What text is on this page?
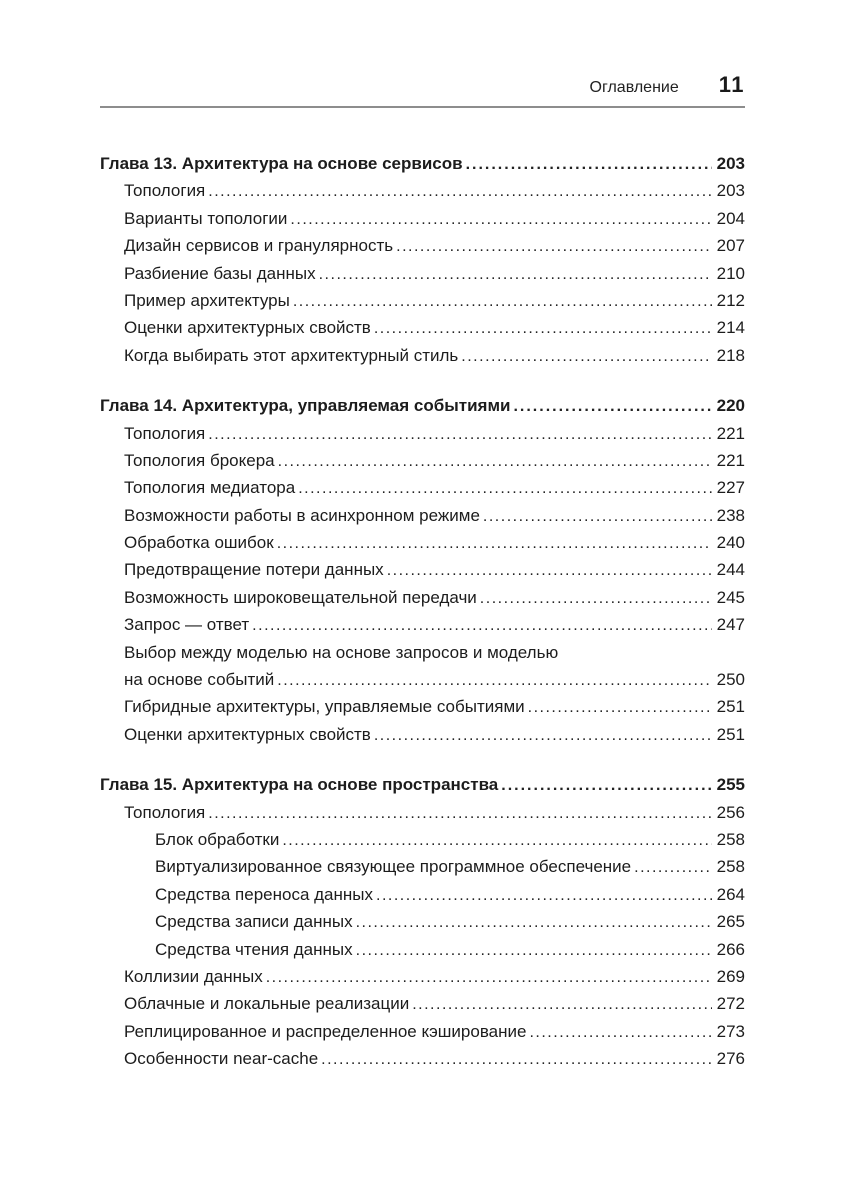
Оглавление 11
Глава 13. Архитектура на основе сервисов .....	203
Топология .....	203
Варианты топологии .....	204
Дизайн сервисов и гранулярность .....	207
Разбиение базы данных .....	210
Пример архитектуры .....	212
Оценки архитектурных свойств .....	214
Когда выбирать этот архитектурный стиль .....	218
Глава 14. Архитектура, управляемая событиями .....	220
Топология .....	221
Топология брокера .....	221
Топология медиатора .....	227
Возможности работы в асинхронном режиме .....	238
Обработка ошибок .....	240
Предотвращение потери данных .....	244
Возможность широковещательной передачи .....	245
Запрос — ответ .....	247
Выбор между моделью на основе запросов и моделью
на основе событий .....	250
Гибридные архитектуры, управляемые событиями .....	251
Оценки архитектурных свойств .....	251
Глава 15. Архитектура на основе пространства .....	255
Топология .....	256
Блок обработки .....	258
Виртуализированное связующее программное обеспечение .....	258
Средства переноса данных .....	264
Средства записи данных .....	265
Средства чтения данных .....	266
Коллизии данных .....	269
Облачные и локальные реализации .....	272
Реплицированное и распределенное кэширование .....	273
Особенности near-cache .....	276
